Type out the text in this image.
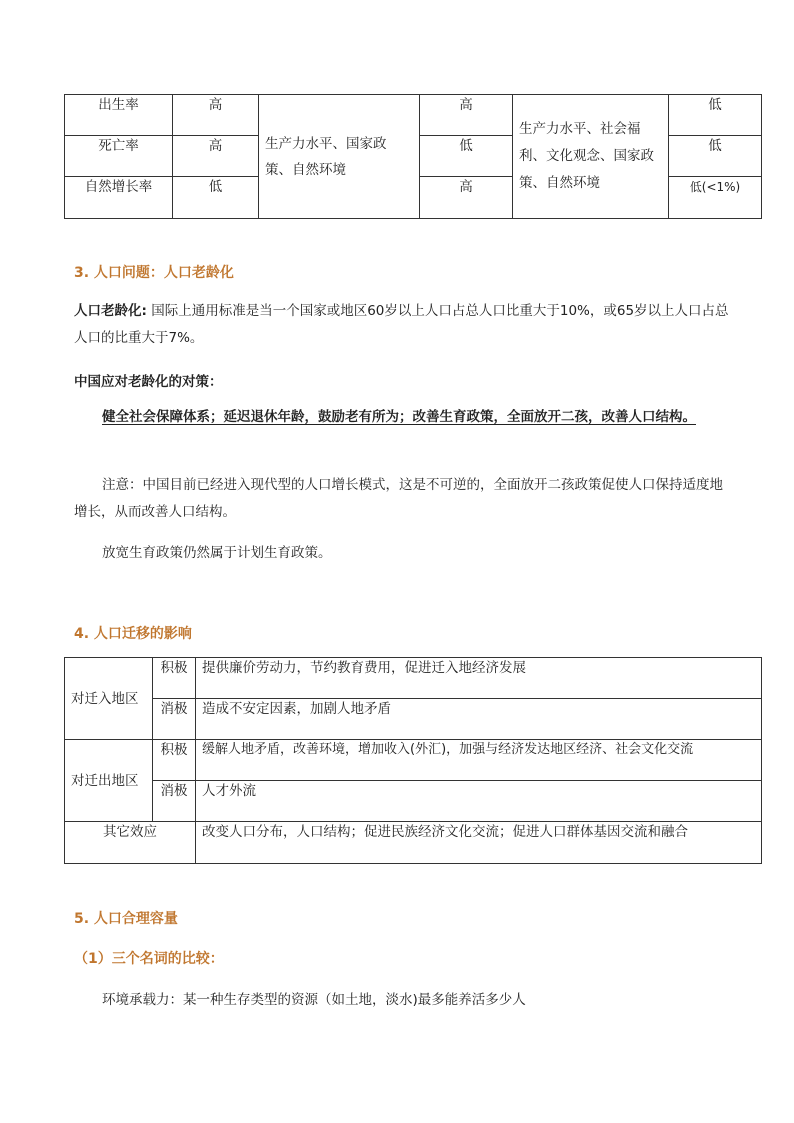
出生率	高	生产力水平、国家政策、自然环境	高	生产力水平、社会福利、文化观念、国家政策、自然环境	低
死亡率	高		低		低
自然增长率	低		高		低(<1%)
3. 人口问题：人口老龄化
人口老龄化: 国际上通用标准是当一个国家或地区60岁以上人口占总人口比重大于10%，或65岁以上人口占总人口的比重大于7%。
中国应对老龄化的对策：
健全社会保障体系；延迟退休年龄，鼓励老有所为；改善生育政策，全面放开二孩，改善人口结构。
注意：中国目前已经进入现代型的人口增长模式，这是不可逆的，全面放开二孩政策促使人口保持适度地增长，从而改善人口结构。
放宽生育政策仍然属于计划生育政策。
4. 人口迁移的影响
对迁入地区	积极	提供廉价劳动力，节约教育费用，促进迁入地经济发展
	消极	造成不安定因素，加剧人地矛盾
对迁出地区	积极	缓解人地矛盾，改善环境，增加收入(外汇)，加强与经济发达地区经济、社会文化交流
	消极	人才外流
其它效应		改变人口分布，人口结构；促进民族经济文化交流；促进人口群体基因交流和融合
5. 人口合理容量
（1）三个名词的比较：
环境承载力：某一种生存类型的资源（如土地，淡水)最多能养活多少人
